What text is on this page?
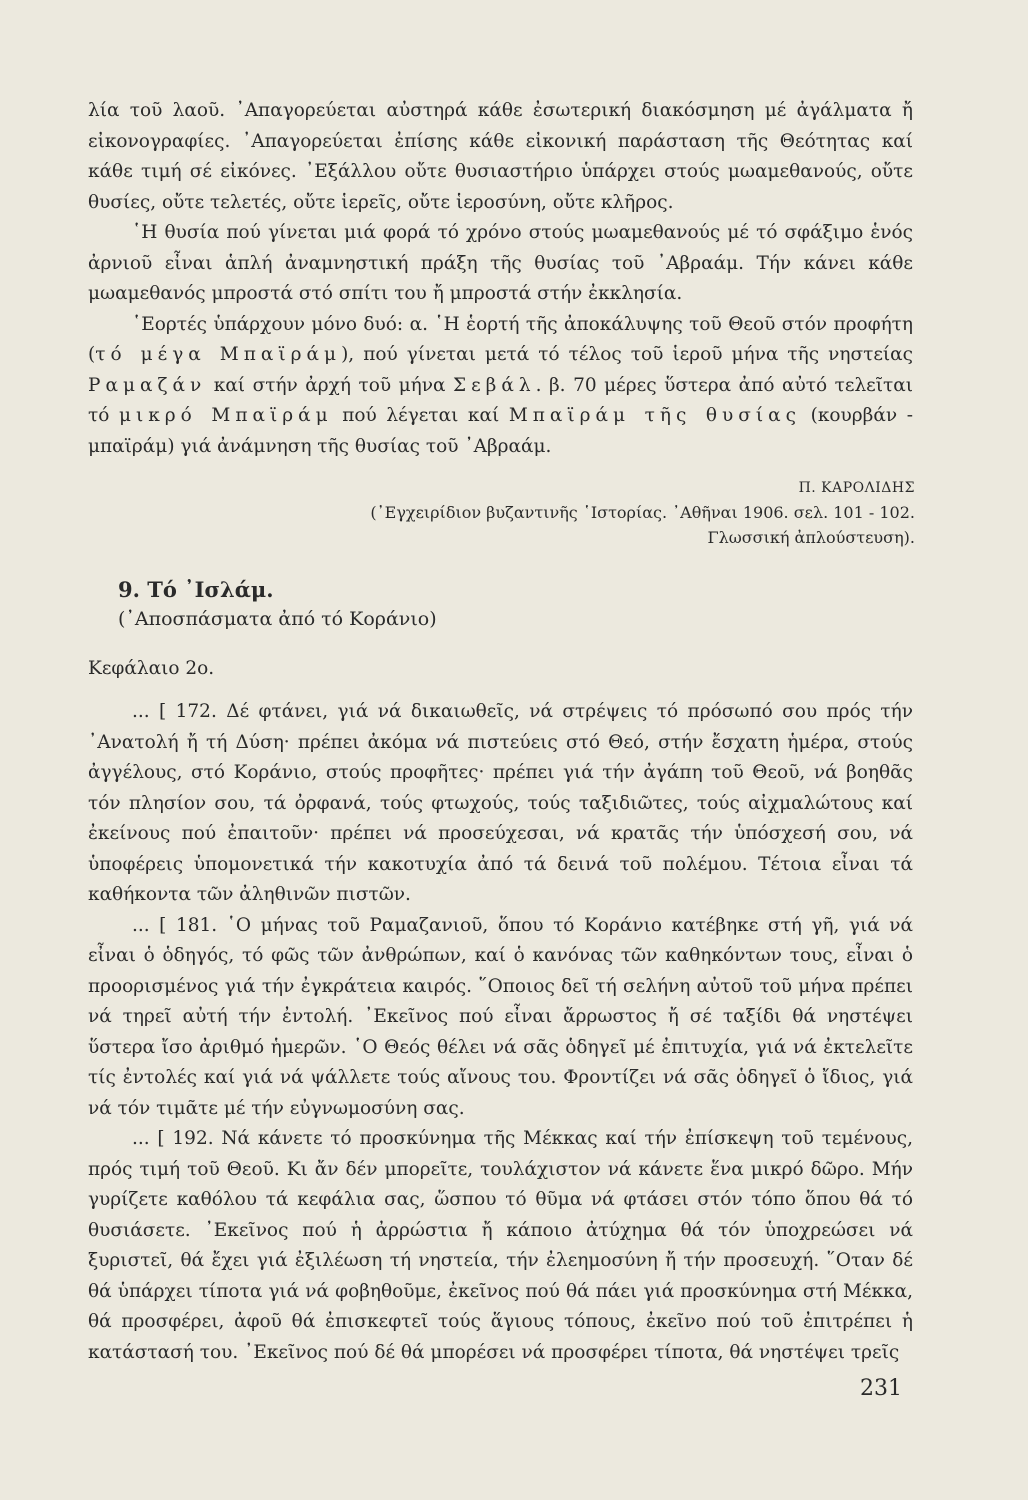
λία τοῦ λαοῦ. ᾿Απαγορεύεται αὐστηρά κάθε ἐσωτερική διακόσμηση μέ ἀγάλματα ἤ εἰκονογραφίες. ᾿Απαγορεύεται ἐπίσης κάθε εἰκονική παράσταση τῆς Θεότητας καί κάθε τιμή σέ εἰκόνες. ᾿Εξάλλου οὔτε θυσιαστήριο ὑπάρχει στούς μωαμεθανούς, οὔτε θυσίες, οὔτε τελετές, οὔτε ἱερεῖς, οὔτε ἱεροσύνη, οὔτε κλῆρος.

῾Η θυσία πού γίνεται μιά φορά τό χρόνο στούς μωαμεθανούς μέ τό σφάξιμο ἑνός ἀρνιοῦ εἶναι ἁπλή ἀναμνηστική πράξη τῆς θυσίας τοῦ ᾿Αβραάμ. Τήν κάνει κάθε μωαμεθανός μπροστά στό σπίτι του ἤ μπροστά στήν ἐκκλησία.

῾Εορτές ὑπάρχουν μόνο δυό: α. ῾Η ἑορτή τῆς ἀποκάλυψης τοῦ Θεοῦ στόν προφήτη (τό μέγα Μπαϊράμ), πού γίνεται μετά τό τέλος τοῦ ἱεροῦ μήνα τῆς νηστείας Ραμαζάν καί στήν ἀρχή τοῦ μήνα Σεβάλ. β. 70 μέρες ὕστερα ἀπό αὐτό τελεῖται τό μικρό Μπαϊράμ πού λέγεται καί Μπαϊράμ τῆς θυσίας (κουρβάν - μπαϊράμ) γιά ἀνάμνηση τῆς θυσίας τοῦ ᾿Αβραάμ.

Π. ΚΑΡΟΛΙΔΗΣ
(᾿Εγχειρίδιον βυζαντινῆς ῾Ιστορίας. ᾿Αθῆναι 1906. σελ. 101 - 102.
Γλωσσική ἀπλούστευση).
9. Τό ᾿Ισλάμ.
(᾿Αποσπάσματα ἀπό τό Κοράνιο)
Κεφάλαιο 2ο.

... [ 172. Δέ φτάνει, γιά νά δικαιωθεῖς, νά στρέψεις τό πρόσωπό σου πρός τήν ᾿Ανατολή ἤ τή Δύση· πρέπει ἀκόμα νά πιστεύεις στό Θεό, στήν ἔσχατη ἡμέρα, στούς ἀγγέλους, στό Κοράνιο, στούς προφῆτες· πρέπει γιά τήν ἀγάπη τοῦ Θεοῦ, νά βοηθᾶς τόν πλησίον σου, τά ὀρφανά, τούς φτωχούς, τούς ταξιδιῶτες, τούς αἰχμαλώτους καί ἐκείνους πού ἐπαιτοῦν· πρέπει νά προσεύχεσαι, νά κρατᾶς τήν ὑπόσχεσή σου, νά ὑποφέρεις ὑπομονετικά τήν κακοτυχία ἀπό τά δεινά τοῦ πολέμου. Τέτοια εἶναι τά καθήκοντα τῶν ἀληθινῶν πιστῶν.

... [ 181. ῾Ο μήνας τοῦ Ραμαζανιοῦ, ὅπου τό Κοράνιο κατέβηκε στή γῆ, γιά νά εἶναι ὁ ὁδηγός, τό φῶς τῶν ἀνθρώπων, καί ὁ κανόνας τῶν καθηκόντων τους, εἶναι ὁ προορισμένος γιά τήν ἐγκράτεια καιρός. ῞Οποιος δεῖ τή σελήνη αὐτοῦ τοῦ μήνα πρέπει νά τηρεῖ αὐτή τήν ἐντολή. ᾿Εκεῖνος πού εἶναι ἄρρωστος ἤ σέ ταξίδι θά νηστέψει ὕστερα ἴσο ἀριθμό ἡμερῶν. ῾Ο Θεός θέλει νά σᾶς ὁδηγεῖ μέ ἐπιτυχία, γιά νά ἐκτελεῖτε τίς ἐντολές καί γιά νά ψάλλετε τούς αἴνους του. Φροντίζει νά σᾶς ὁδηγεῖ ὁ ἴδιος, γιά νά τόν τιμᾶτε μέ τήν εὐγνωμοσύνη σας.

... [ 192. Νά κάνετε τό προσκύνημα τῆς Μέκκας καί τήν ἐπίσκεψη τοῦ τεμένους, πρός τιμή τοῦ Θεοῦ. Κι ἄν δέν μπορεῖτε, τουλάχιστον νά κάνετε ἕνα μικρό δῶρο. Μήν γυρίζετε καθόλου τά κεφάλια σας, ὥσπου τό θῦμα νά φτάσει στόν τόπο ὅπου θά τό θυσιάσετε. ᾿Εκεῖνος πού ἡ ἀρρώστια ἤ κάποιο ἀτύχημα θά τόν ὑποχρεώσει νά ξυριστεῖ, θά ἔχει γιά ἐξιλέωση τή νηστεία, τήν ἐλεημοσύνη ἤ τήν προσευχή. ῞Οταν δέ θά ὑπάρχει τίποτα γιά νά φοβηθοῦμε, ἐκεῖνος πού θά πάει γιά προσκύνημα στή Μέκκα, θά προσφέρει, ἀφοῦ θά ἐπισκεφτεῖ τούς ἅγιους τόπους, ἐκεῖνο πού τοῦ ἐπιτρέπει ἡ κατάστασή του. ᾿Εκεῖνος πού δέ θά μπορέσει νά προσφέρει τίποτα, θά νηστέψει τρεῖς

231
